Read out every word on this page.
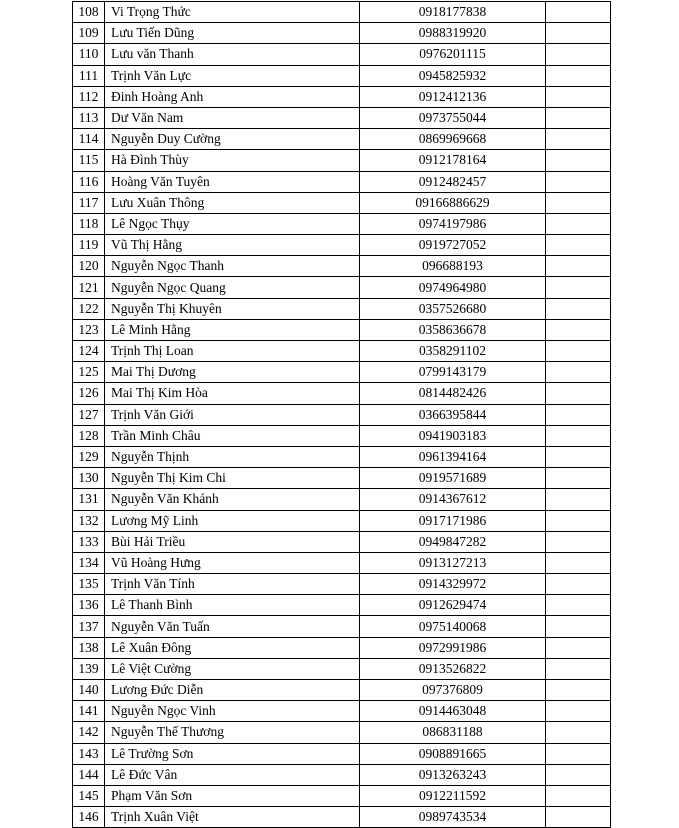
108	Vi Trọng Thức	0918177838	
109	Lưu Tiến Dũng	0988319920	
110	Lưu văn Thanh	0976201115	
111	Trịnh Văn Lực	0945825932	
112	Đinh Hoàng Anh	0912412136	
113	Dư Văn Nam	0973755044	
114	Nguyễn Duy Cường	0869969668	
115	Hà Đình Thùy	0912178164	
116	Hoàng Văn Tuyên	0912482457	
117	Lưu Xuân Thông	09166886629	
118	Lê Ngọc Thụy	0974197986	
119	Vũ Thị Hằng	0919727052	
120	Nguyễn Ngọc Thanh	096688193	
121	Nguyễn Ngọc Quang	0974964980	
122	Nguyễn Thị Khuyên	0357526680	
123	Lê Minh Hằng	0358636678	
124	Trịnh Thị Loan	0358291102	
125	Mai Thị Dương	0799143179	
126	Mai Thị Kim Hòa	0814482426	
127	Trịnh Văn Giới	0366395844	
128	Trần Minh Châu	0941903183	
129	Nguyễn Thịnh	0961394164	
130	Nguyễn Thị Kim Chi	0919571689	
131	Nguyễn Văn Khánh	0914367612	
132	Lương Mỹ Linh	0917171986	
133	Bùi Hải Triều	0949847282	
134	Vũ Hoàng Hưng	0913127213	
135	Trịnh Văn Tính	0914329972	
136	Lê Thanh Bình	0912629474	
137	Nguyễn Văn Tuấn	0975140068	
138	Lê Xuân Đông	0972991986	
139	Lê Việt Cường	0913526822	
140	Lương Đức Diễn	097376809	
141	Nguyễn Ngọc Vinh	0914463048	
142	Nguyễn Thế Thương	086831188	
143	Lê Trường Sơn	0908891665	
144	Lê Đức Vân	0913263243	
145	Phạm Văn Sơn	0912211592	
146	Trịnh Xuân Việt	0989743534	
